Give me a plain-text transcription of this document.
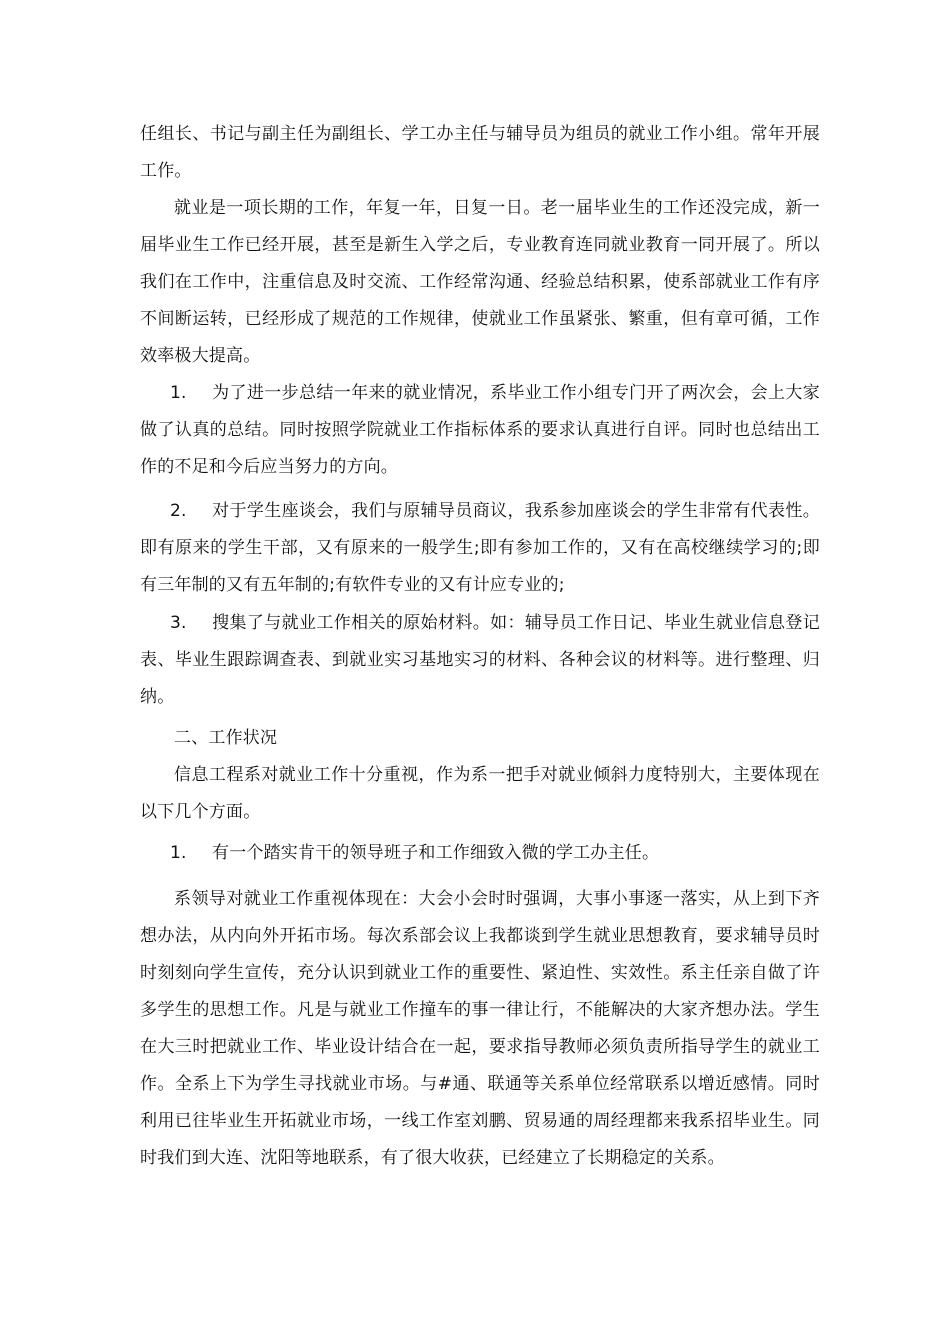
任组长、书记与副主任为副组长、学工办主任与辅导员为组员的就业工作小组。常年开展工作。

就业是一项长期的工作，年复一年，日复一日。老一届毕业生的工作还没完成，新一届毕业生工作已经开展，甚至是新生入学之后，专业教育连同就业教育一同开展了。所以我们在工作中，注重信息及时交流、工作经常沟通、经验总结积累，使系部就业工作有序不间断运转，已经形成了规范的工作规律，使就业工作虽紧张、繁重，但有章可循，工作效率极大提高。

1. 为了进一步总结一年来的就业情况，系毕业工作小组专门开了两次会，会上大家做了认真的总结。同时按照学院就业工作指标体系的要求认真进行自评。同时也总结出工作的不足和今后应当努力的方向。

2. 对于学生座谈会，我们与原辅导员商议，我系参加座谈会的学生非常有代表性。即有原来的学生干部，又有原来的一般学生;即有参加工作的，又有在高校继续学习的;即有三年制的又有五年制的;有软件专业的又有计应专业的;

3. 搜集了与就业工作相关的原始材料。如：辅导员工作日记、毕业生就业信息登记表、毕业生跟踪调查表、到就业实习基地实习的材料、各种会议的材料等。进行整理、归纳。

二、工作状况

信息工程系对就业工作十分重视，作为系一把手对就业倾斜力度特别大，主要体现在以下几个方面。

1. 有一个踏实肯干的领导班子和工作细致入微的学工办主任。

系领导对就业工作重视体现在：大会小会时时强调，大事小事逐一落实，从上到下齐想办法，从内向外开拓市场。每次系部会议上我都谈到学生就业思想教育，要求辅导员时时刻刻向学生宣传，充分认识到就业工作的重要性、紧迫性、实效性。系主任亲自做了许多学生的思想工作。凡是与就业工作撞车的事一律让行，不能解决的大家齐想办法。学生在大三时把就业工作、毕业设计结合在一起，要求指导教师必须负责所指导学生的就业工作。全系上下为学生寻找就业市场。与#通、联通等关系单位经常联系以增近感情。同时利用已往毕业生开拓就业市场，一线工作室刘鹏、贸易通的周经理都来我系招毕业生。同时我们到大连、沈阳等地联系，有了很大收获，已经建立了长期稳定的关系。
